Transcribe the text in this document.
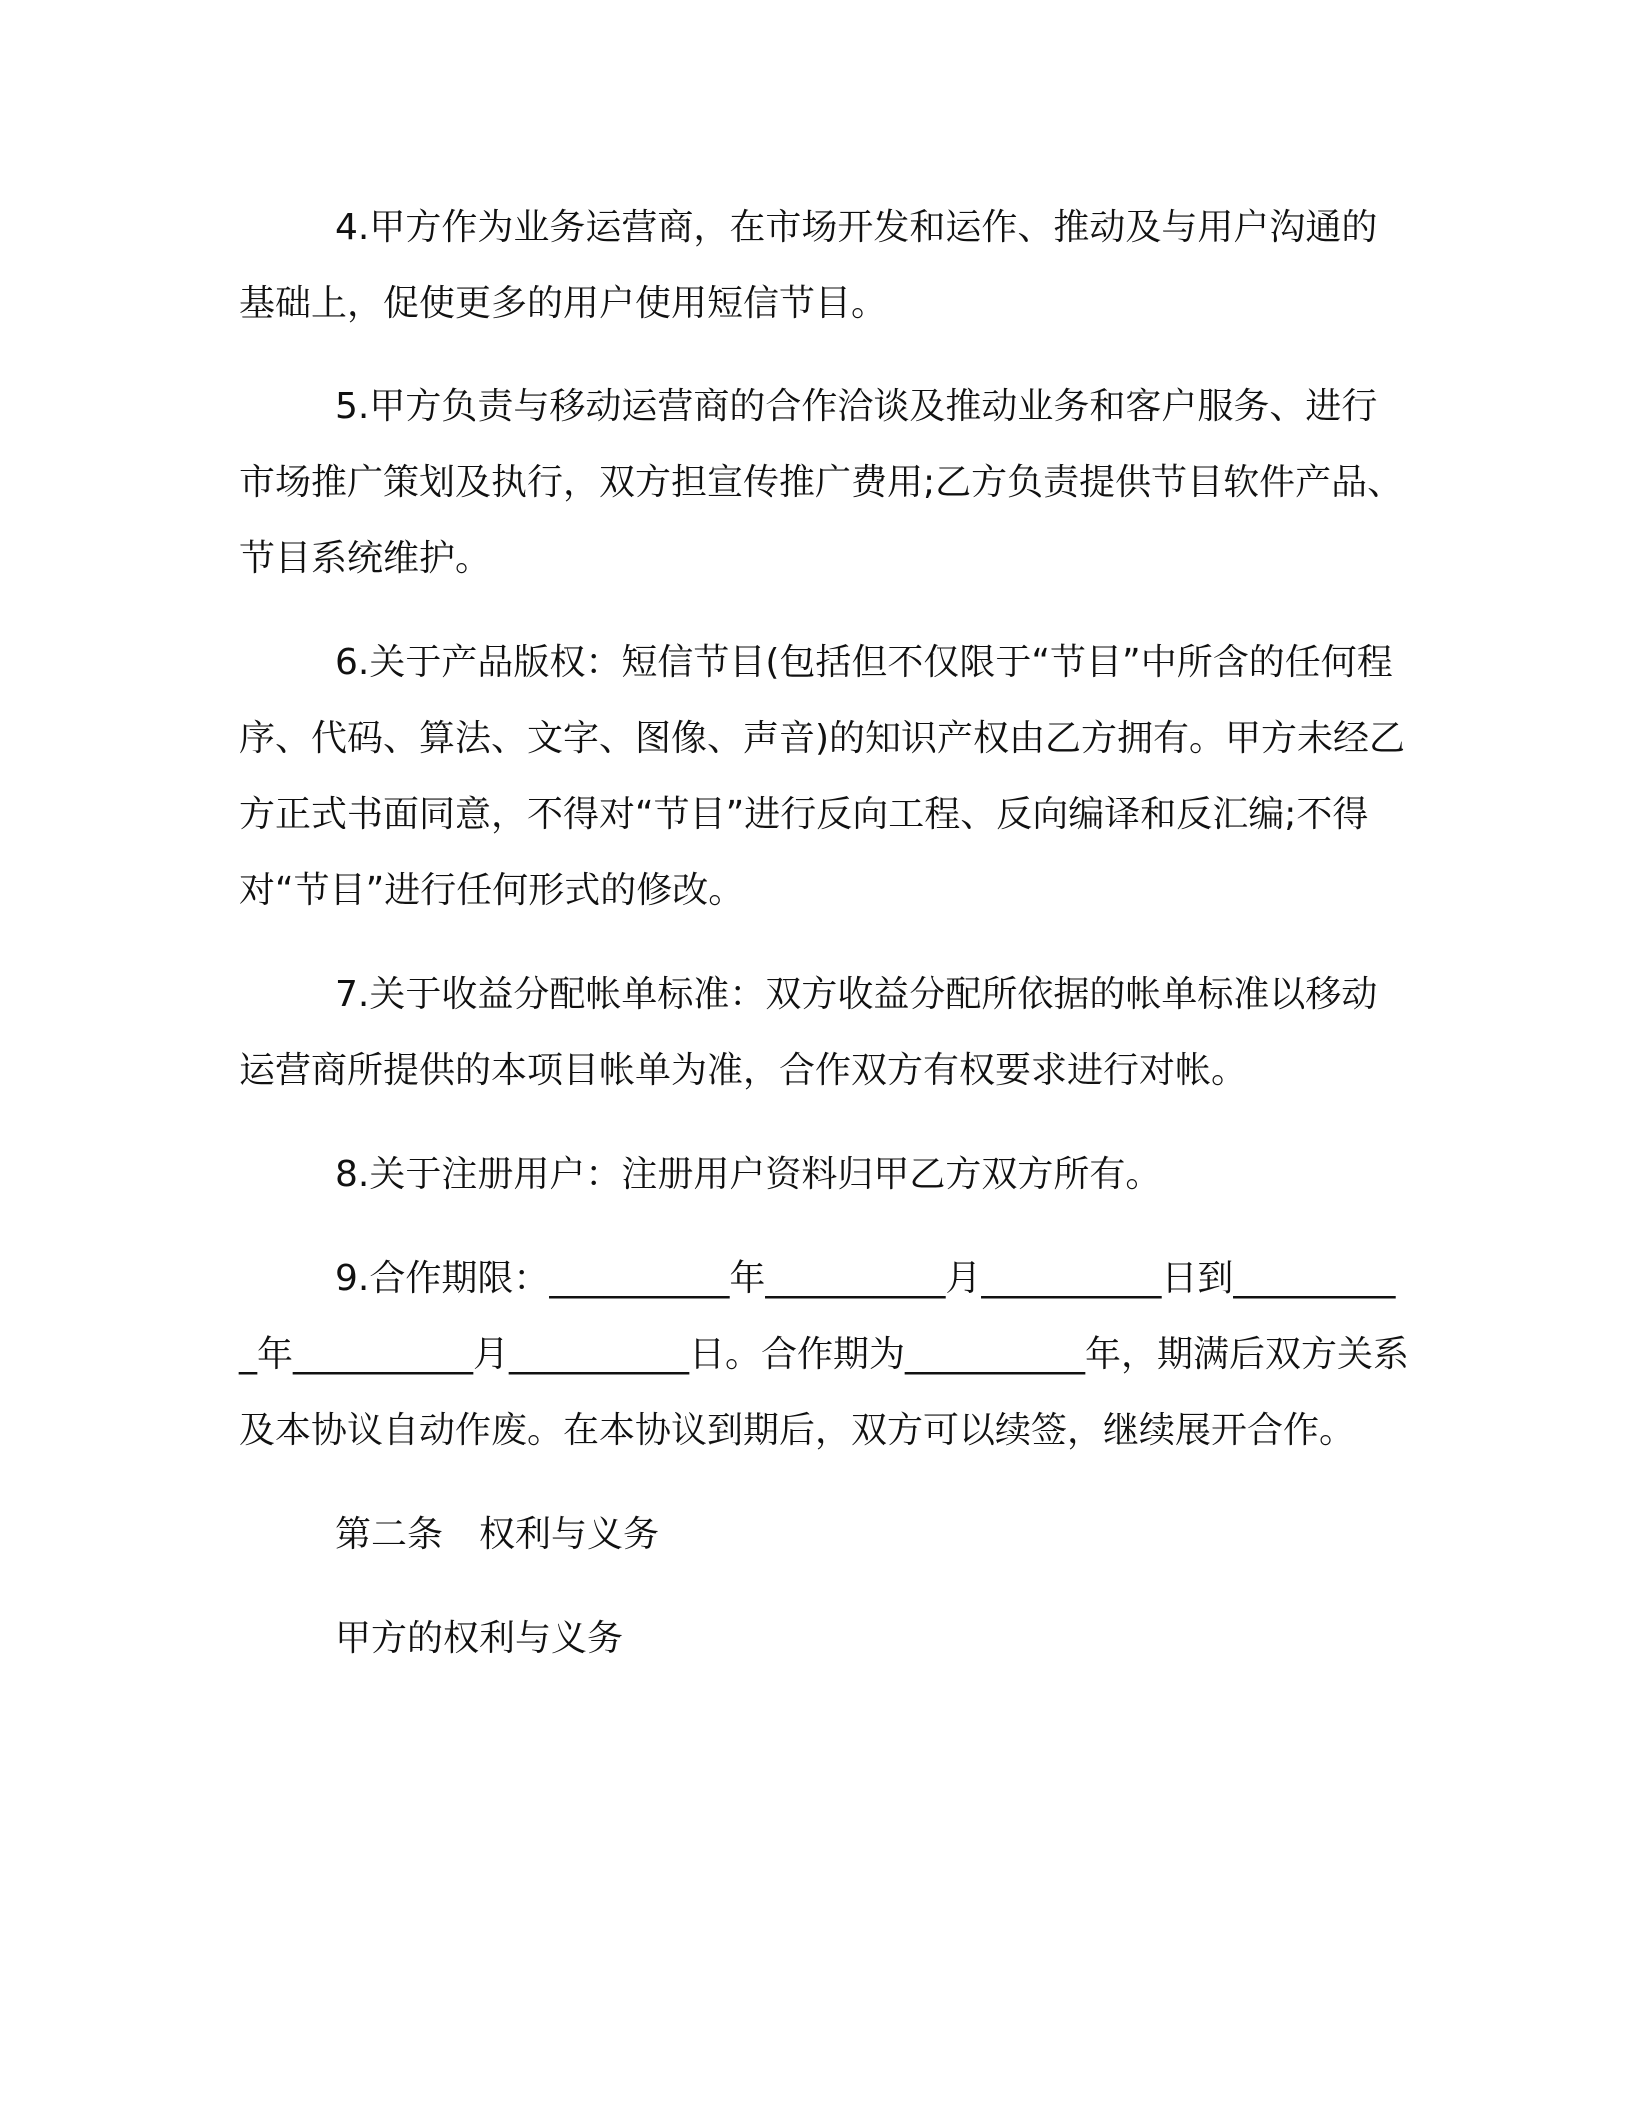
4.甲方作为业务运营商，在市场开发和运作、推动及与用户沟通的基础上，促使更多的用户使用短信节目。

5.甲方负责与移动运营商的合作洽谈及推动业务和客户服务、进行市场推广策划及执行，双方担宣传推广费用;乙方负责提供节目软件产品、节目系统维护。

6.关于产品版权：短信节目(包括但不仅限于“节目”中所含的任何程序、代码、算法、文字、图像、声音)的知识产权由乙方拥有。甲方未经乙方正式书面同意，不得对“节目”进行反向工程、反向编译和反汇编;不得对“节目”进行任何形式的修改。

7.关于收益分配帐单标准：双方收益分配所依据的帐单标准以移动运营商所提供的本项目帐单为准，合作双方有权要求进行对帐。

8.关于注册用户：注册用户资料归甲乙方双方所有。

9.合作期限：__________年__________月__________日到__________年__________月__________日。合作期为__________年，期满后双方关系及本协议自动作废。在本协议到期后，双方可以续签，继续展开合作。

第二条　权利与义务

甲方的权利与义务
